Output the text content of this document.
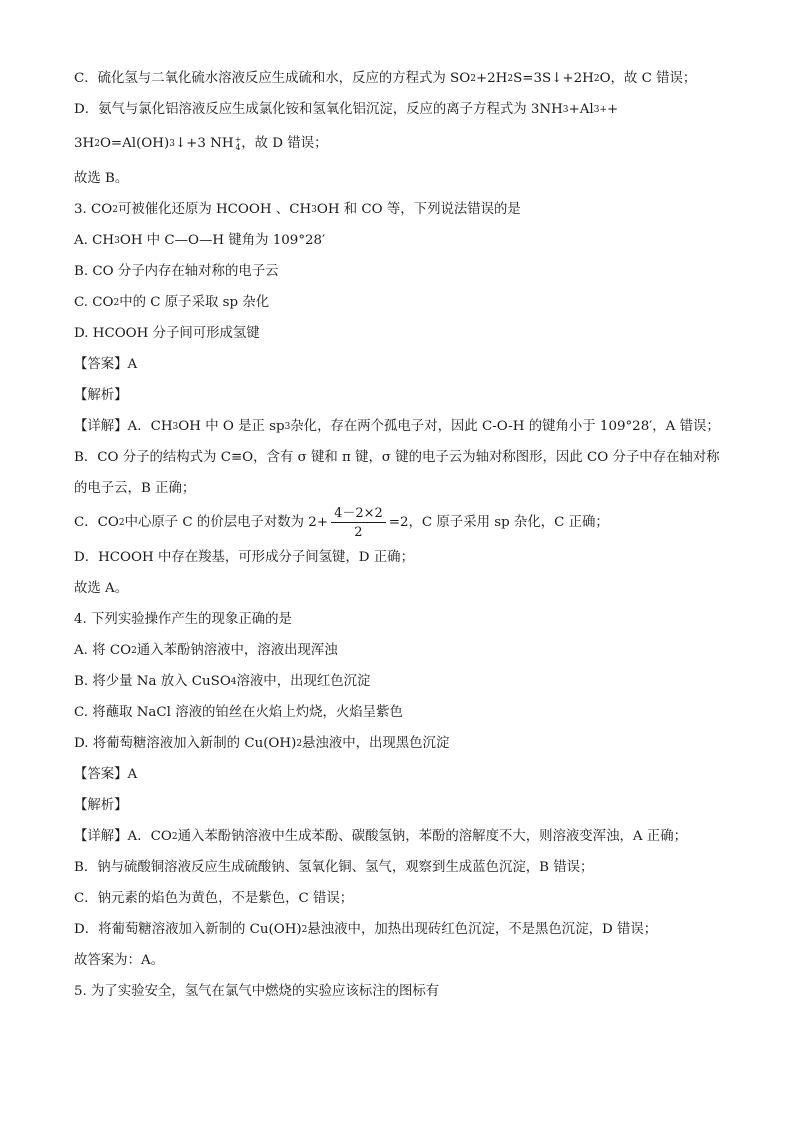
C．硫化氢与二氧化硫水溶液反应生成硫和水，反应的方程式为 SO 2 +2H 2 S=3S↓+2H 2 O，故 C 错误；
D．氨气与氯化铝溶液反应生成氯化铵和氢氧化铝沉淀，反应的离子方程式为 3NH 3 +Al 3+ +
3H 2 O=Al(OH) 3 ↓+3 NH +
4 ，故 D 错误；
故选 B。
3. CO 2 可被催化还原为 HCOOH 、CH 3 OH 和 CO 等，下列说法错误的是
A. CH 3 OH 中 C—O—H 键角为 109°28′
B. CO 分子内存在轴对称的电子云
C. CO 2 中的 C 原子采取 sp 杂化
D. HCOOH 分子间可形成氢键
【答案】A
【解析】
【详解】A．CH 3 OH 中 O 是正 sp 3 杂化，存在两个孤电子对，因此 C-O-H 的键角小于 109°28′，A 错误；
B．CO 分子的结构式为 C≡O，含有 σ 键和 π 键，σ 键的电子云为轴对称图形，因此 CO 分子中存在轴对称
的电子云，B 正确；
C．CO 2 中心原子 C 的价层电子对数为 $2+ \frac{4-2\times 2}{2} =2$，C 原子采用 sp 杂化，C 正确；
D．HCOOH 中存在羧基，可形成分子间氢键，D 正确；
故选 A。
4. 下列实验操作产生的现象正确的是
A. 将 CO 2 通入苯酚钠溶液中，溶液出现浑浊
B. 将少量 Na 放入 CuSO 4 溶液中，出现红色沉淀
C. 将蘸取 NaCl 溶液的铂丝在火焰上灼烧，火焰呈紫色
D. 将葡萄糖溶液加入新制的 Cu(OH) 2 悬浊液中，出现黑色沉淀
【答案】A
【解析】
【详解】A．CO 2 通入苯酚钠溶液中生成苯酚、碳酸氢钠，苯酚的溶解度不大，则溶液变浑浊，A 正确；
B．钠与硫酸铜溶液反应生成硫酸钠、氢氧化铜、氢气，观察到生成蓝色沉淀，B 错误；
C．钠元素的焰色为黄色，不是紫色，C 错误；
D．将葡萄糖溶液加入新制的 Cu(OH) 2 悬浊液中，加热出现砖红色沉淀，不是黑色沉淀，D 错误；
故答案为：A。
5. 为了实验安全，氢气在氯气中燃烧的实验应该标注的图标有
